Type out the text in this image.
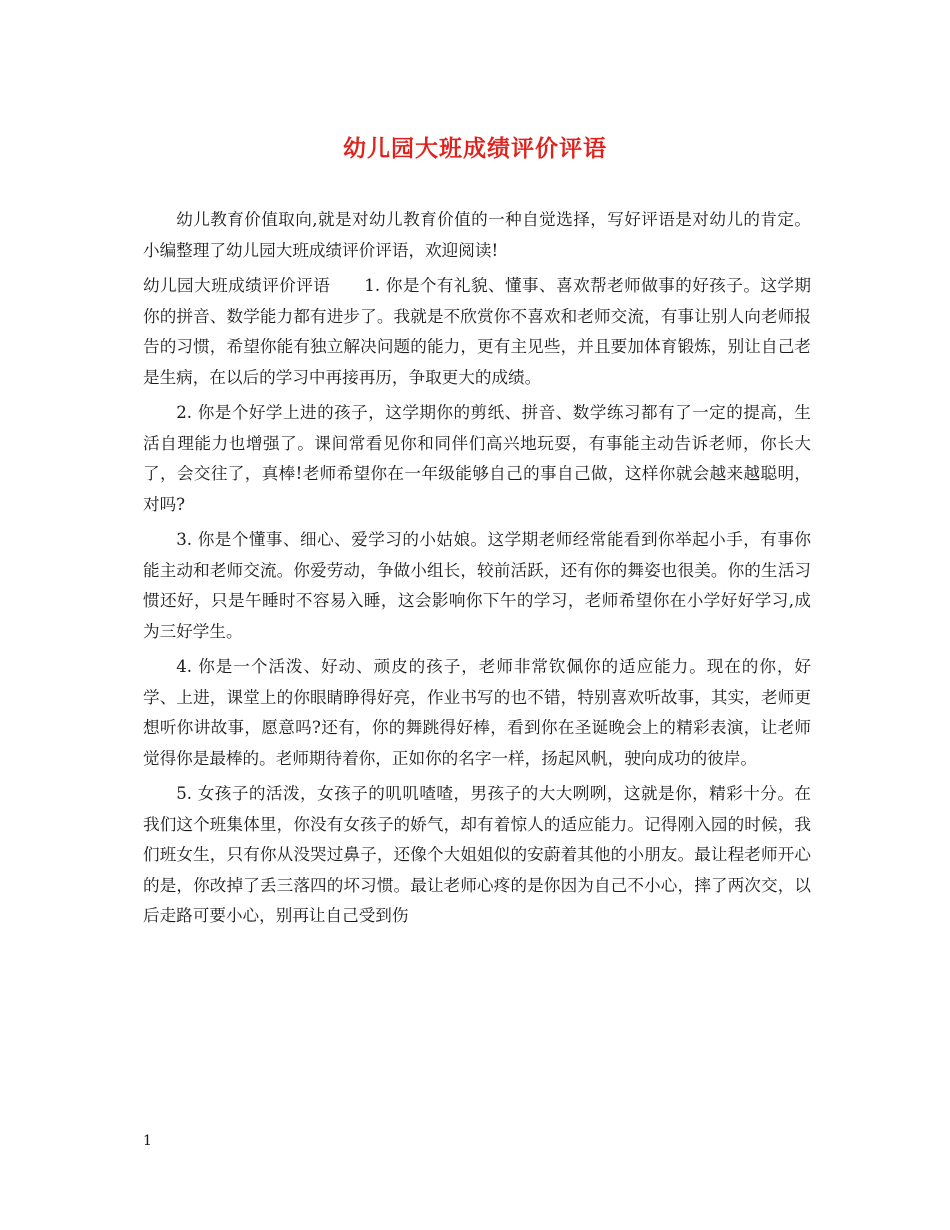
幼儿园大班成绩评价评语

幼儿教育价值取向,就是对幼儿教育价值的一种自觉选择，写好评语是对幼儿的肯定。小编整理了幼儿园大班成绩评价评语，欢迎阅读!

幼儿园大班成绩评价评语 1. 你是个有礼貌、懂事、喜欢帮老师做事的好孩子。这学期你的拼音、数学能力都有进步了。我就是不欣赏你不喜欢和老师交流，有事让别人向老师报告的习惯，希望你能有独立解决问题的能力，更有主见些，并且要加体育锻炼，别让自己老是生病，在以后的学习中再接再历，争取更大的成绩。

2. 你是个好学上进的孩子，这学期你的剪纸、拼音、数学练习都有了一定的提高，生活自理能力也增强了。课间常看见你和同伴们高兴地玩耍，有事能主动告诉老师，你长大了，会交往了，真棒!老师希望你在一年级能够自己的事自己做，这样你就会越来越聪明，对吗?

3. 你是个懂事、细心、爱学习的小姑娘。这学期老师经常能看到你举起小手，有事你能主动和老师交流。你爱劳动，争做小组长，较前活跃，还有你的舞姿也很美。你的生活习惯还好，只是午睡时不容易入睡，这会影响你下午的学习，老师希望你在小学好好学习,成为三好学生。

4. 你是一个活泼、好动、顽皮的孩子，老师非常钦佩你的适应能力。现在的你，好学、上进，课堂上的你眼睛睁得好亮，作业书写的也不错，特别喜欢听故事，其实，老师更想听你讲故事，愿意吗?还有，你的舞跳得好棒，看到你在圣诞晚会上的精彩表演，让老师觉得你是最棒的。老师期待着你，正如你的名字一样，扬起风帆，驶向成功的彼岸。

5. 女孩子的活泼，女孩子的叽叽喳喳，男孩子的大大咧咧，这就是你，精彩十分。在我们这个班集体里，你没有女孩子的娇气，却有着惊人的适应能力。记得刚入园的时候，我们班女生，只有你从没哭过鼻子，还像个大姐姐似的安蔚着其他的小朋友。最让程老师开心的是，你改掉了丢三落四的坏习惯。最让老师心疼的是你因为自己不小心，摔了两次交，以后走路可要小心，别再让自己受到伤

1
